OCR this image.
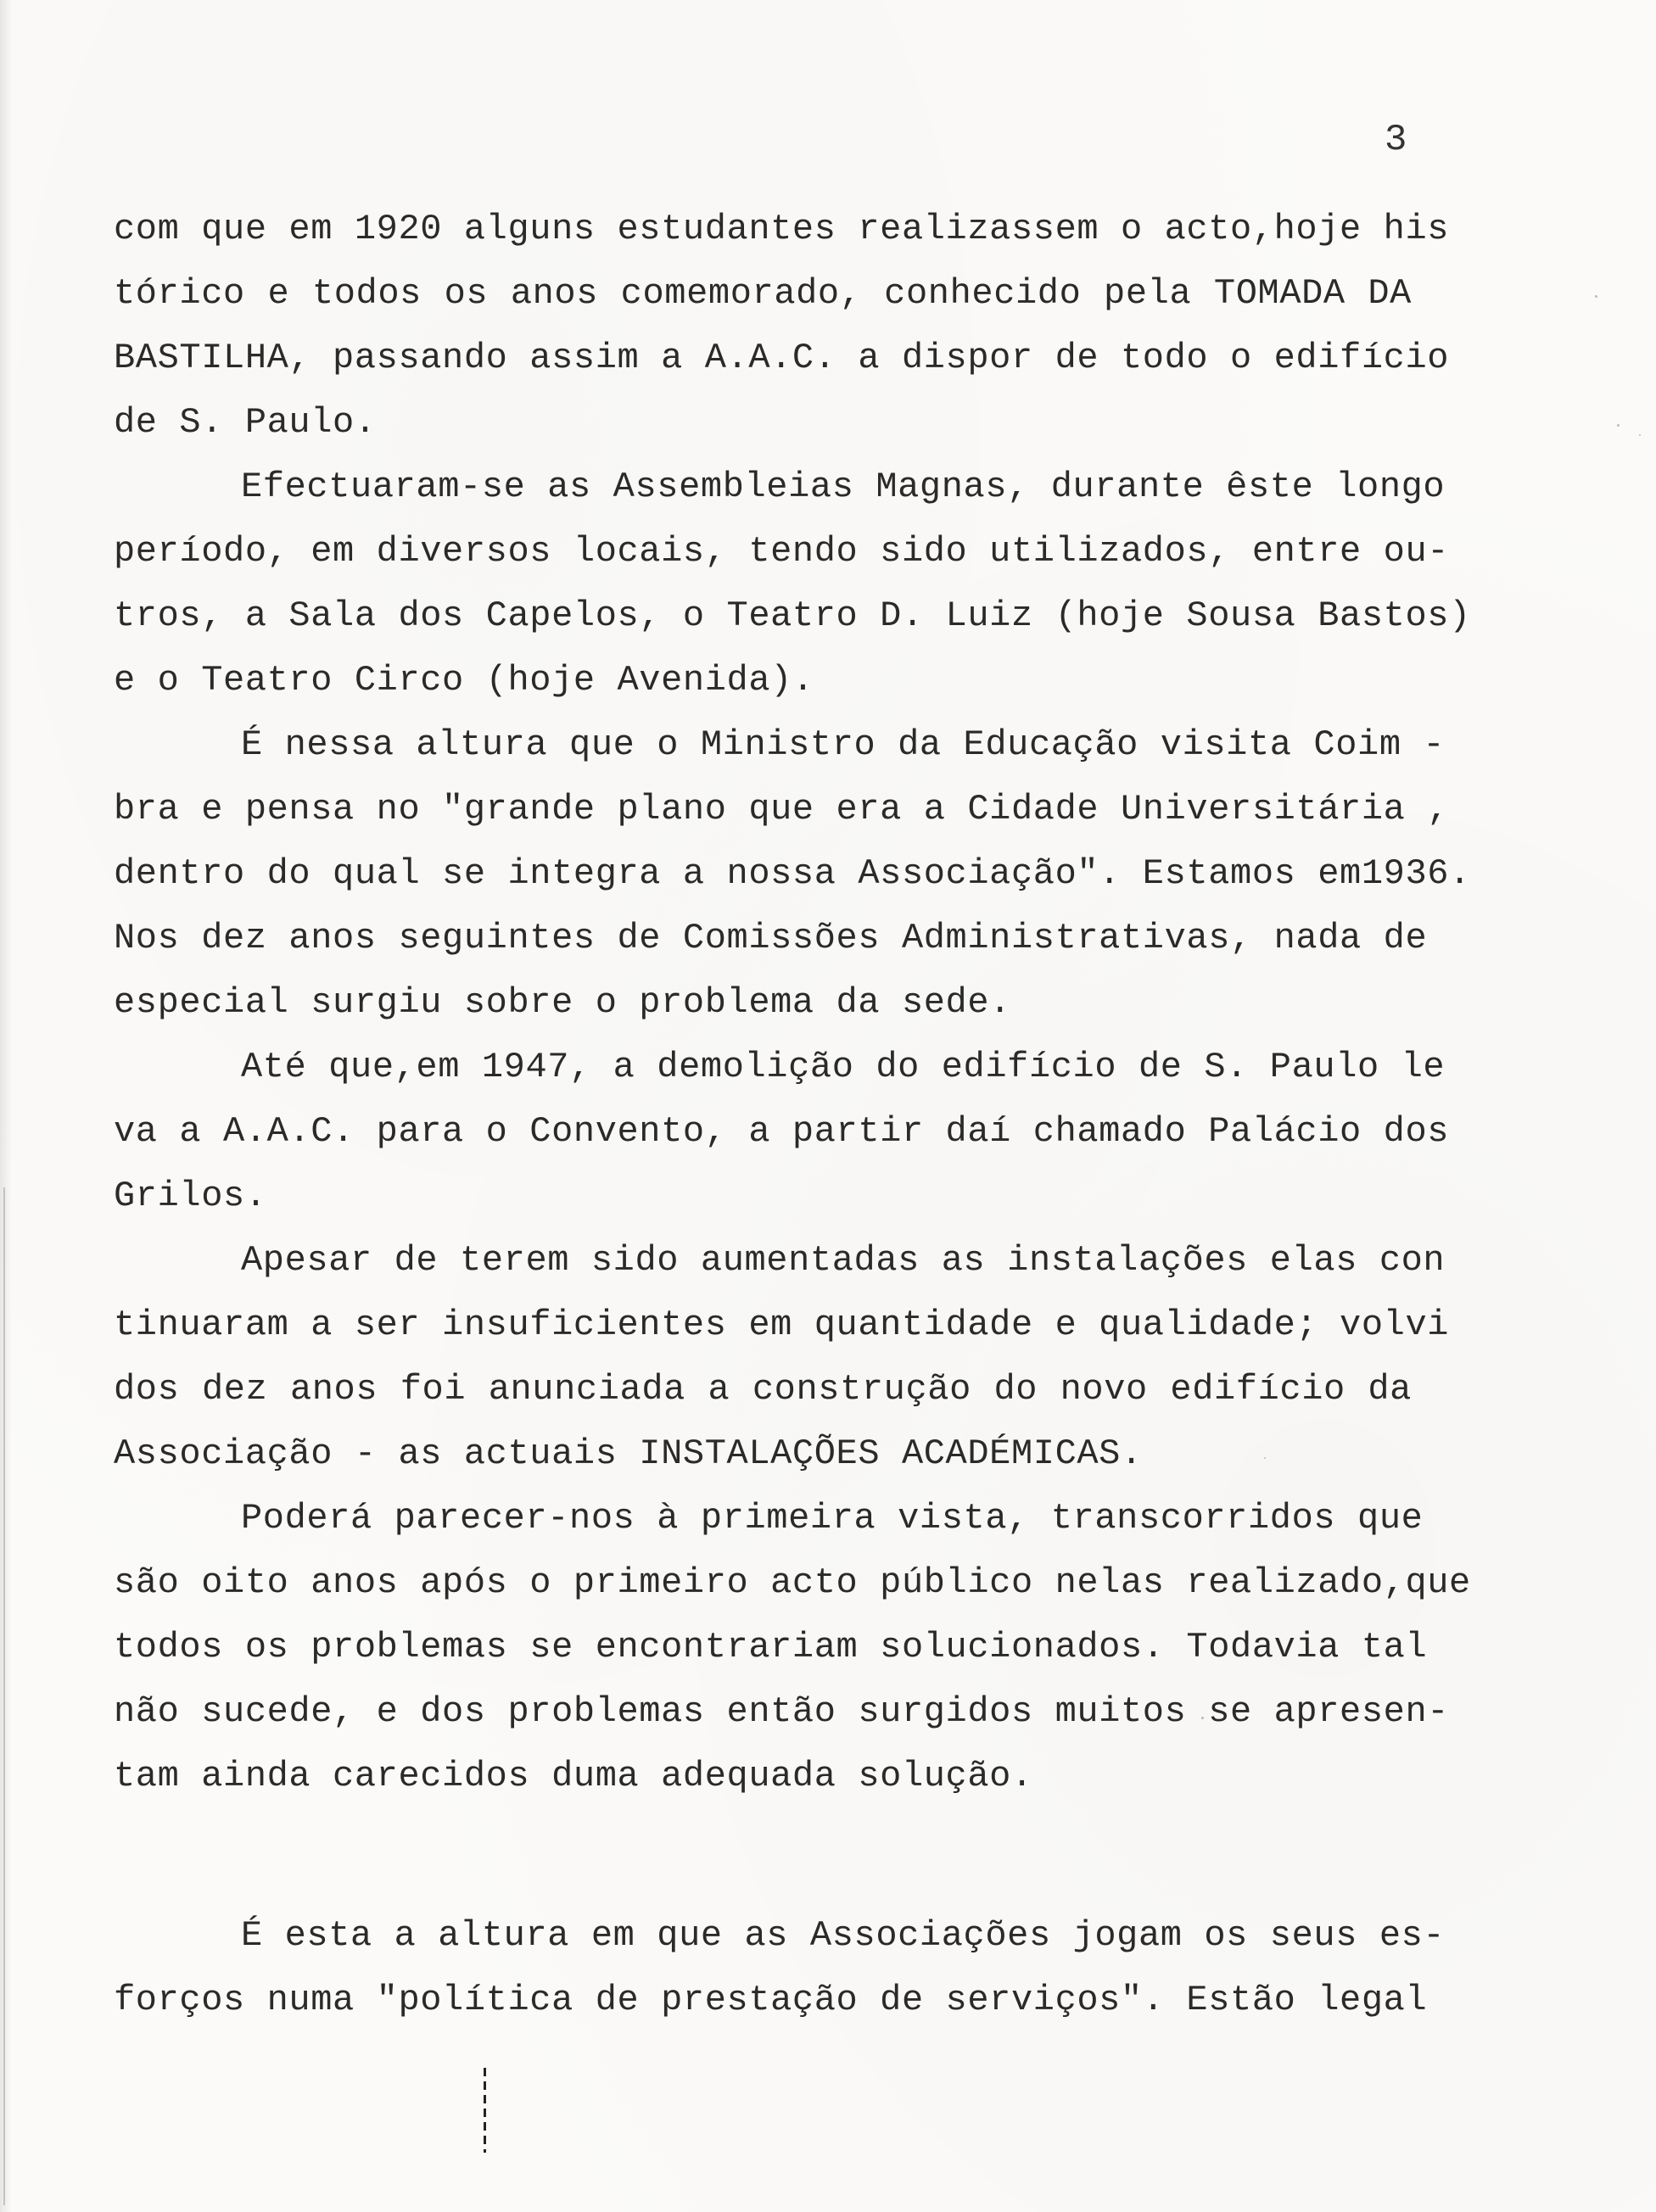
3
com que em 1920 alguns estudantes realizassem o acto,hoje his
tórico e todos os anos comemorado, conhecido pela TOMADA DA
BASTILHA, passando assim a A.A.C. a dispor de todo o edifício
de S. Paulo.
Efectuaram-se as Assembleias Magnas, durante êste longo
período, em diversos locais, tendo sido utilizados, entre ou-
tros, a Sala dos Capelos, o Teatro D. Luiz (hoje Sousa Bastos)
e o Teatro Circo (hoje Avenida).
É nessa altura que o Ministro da Educação visita Coim -
bra e pensa no "grande plano que era a Cidade Universitária ,
dentro do qual se integra a nossa Associação". Estamos em1936.
Nos dez anos seguintes de Comissões Administrativas, nada de
especial surgiu sobre o problema da sede.
Até que,em 1947, a demolição do edifício de S. Paulo le
va a A.A.C. para o Convento, a partir daí chamado Palácio dos
Grilos.
Apesar de terem sido aumentadas as instalações elas con
tinuaram a ser insuficientes em quantidade e qualidade; volvi
dos dez anos foi anunciada a construção do novo edifício da
Associação - as actuais INSTALAÇÕES ACADÉMICAS.
Poderá parecer-nos à primeira vista, transcorridos que
são oito anos após o primeiro acto público nelas realizado,que
todos os problemas se encontrariam solucionados. Todavia tal
não sucede, e dos problemas então surgidos muitos se apresen-
tam ainda carecidos duma adequada solução.
É esta a altura em que as Associações jogam os seus es-
forços numa "política de prestação de serviços". Estão legal
